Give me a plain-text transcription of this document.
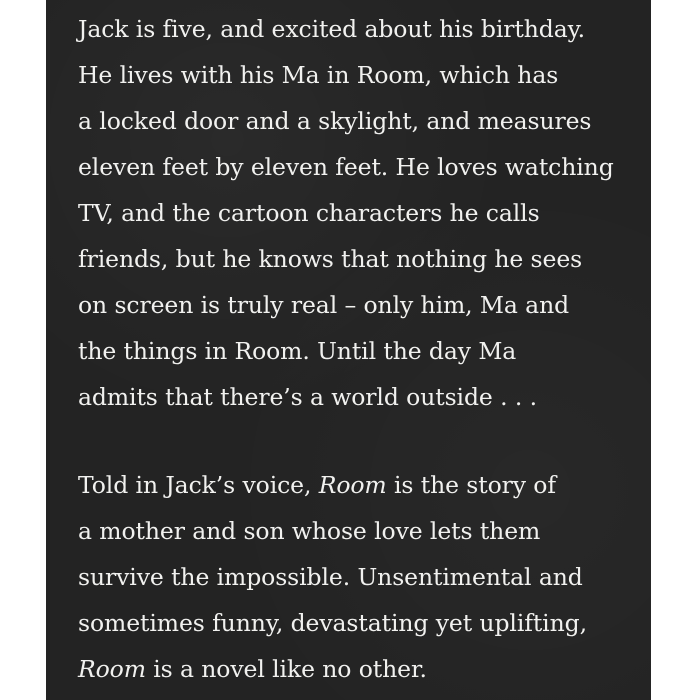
Jack is five, and excited about his birthday.
He lives with his Ma in Room, which has
a locked door and a skylight, and measures
eleven feet by eleven feet. He loves watching
TV, and the cartoon characters he calls
friends, but he knows that nothing he sees
on screen is truly real – only him, Ma and
the things in Room. Until the day Ma
admits that there’s a world outside . . .
Told in Jack’s voice, Room is the story of
a mother and son whose love lets them
survive the impossible. Unsentimental and
sometimes funny, devastating yet uplifting,
Room is a novel like no other.
